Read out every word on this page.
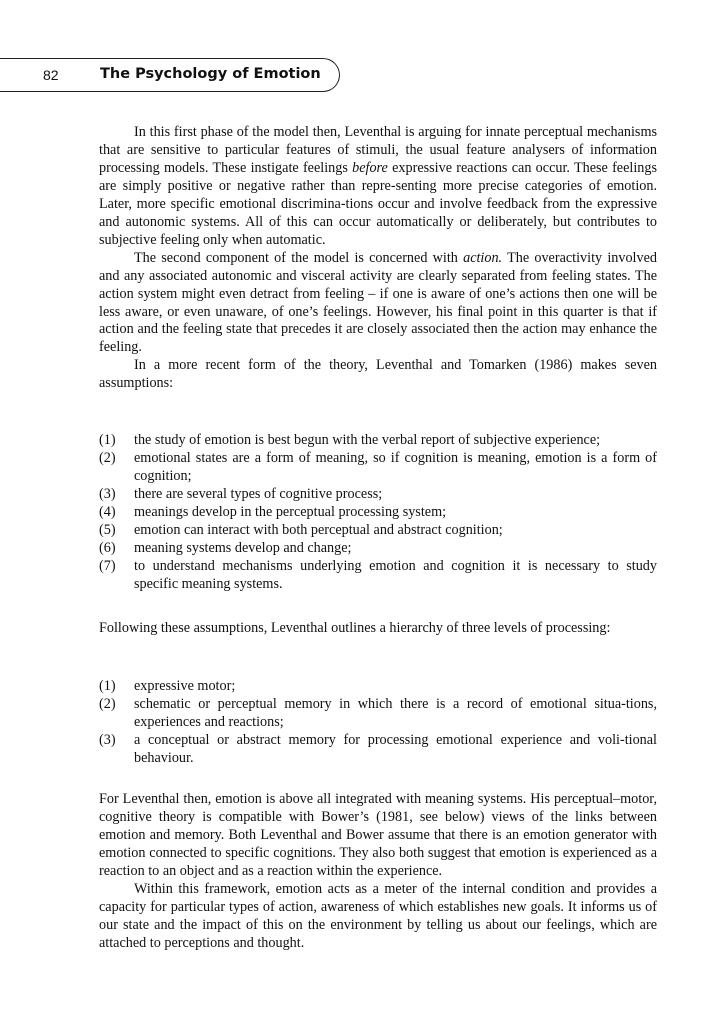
82	The Psychology of Emotion

In this first phase of the model then, Leventhal is arguing for innate perceptual mechanisms that are sensitive to particular features of stimuli, the usual feature analysers of information processing models. These instigate feelings before expressive reactions can occur. These feelings are simply positive or negative rather than repre-senting more precise categories of emotion. Later, more specific emotional discrimina-tions occur and involve feedback from the expressive and autonomic systems. All of this can occur automatically or deliberately, but contributes to subjective feeling only when automatic.

The second component of the model is concerned with action. The overactivity involved and any associated autonomic and visceral activity are clearly separated from feeling states. The action system might even detract from feeling – if one is aware of one’s actions then one will be less aware, or even unaware, of one’s feelings. However, his final point in this quarter is that if action and the feeling state that precedes it are closely associated then the action may enhance the feeling.

In a more recent form of the theory, Leventhal and Tomarken (1986) makes seven assumptions:

(1) the study of emotion is best begun with the verbal report of subjective experience;
(2) emotional states are a form of meaning, so if cognition is meaning, emotion is a form of cognition;
(3) there are several types of cognitive process;
(4) meanings develop in the perceptual processing system;
(5) emotion can interact with both perceptual and abstract cognition;
(6) meaning systems develop and change;
(7) to understand mechanisms underlying emotion and cognition it is necessary to study specific meaning systems.

Following these assumptions, Leventhal outlines a hierarchy of three levels of processing:

(1) expressive motor;
(2) schematic or perceptual memory in which there is a record of emotional situa-tions, experiences and reactions;
(3) a conceptual or abstract memory for processing emotional experience and voli-tional behaviour.

For Leventhal then, emotion is above all integrated with meaning systems. His perceptual–motor, cognitive theory is compatible with Bower’s (1981, see below) views of the links between emotion and memory. Both Leventhal and Bower assume that there is an emotion generator with emotion connected to specific cognitions. They also both suggest that emotion is experienced as a reaction to an object and as a reaction within the experience.

Within this framework, emotion acts as a meter of the internal condition and provides a capacity for particular types of action, awareness of which establishes new goals. It informs us of our state and the impact of this on the environment by telling us about our feelings, which are attached to perceptions and thought.
